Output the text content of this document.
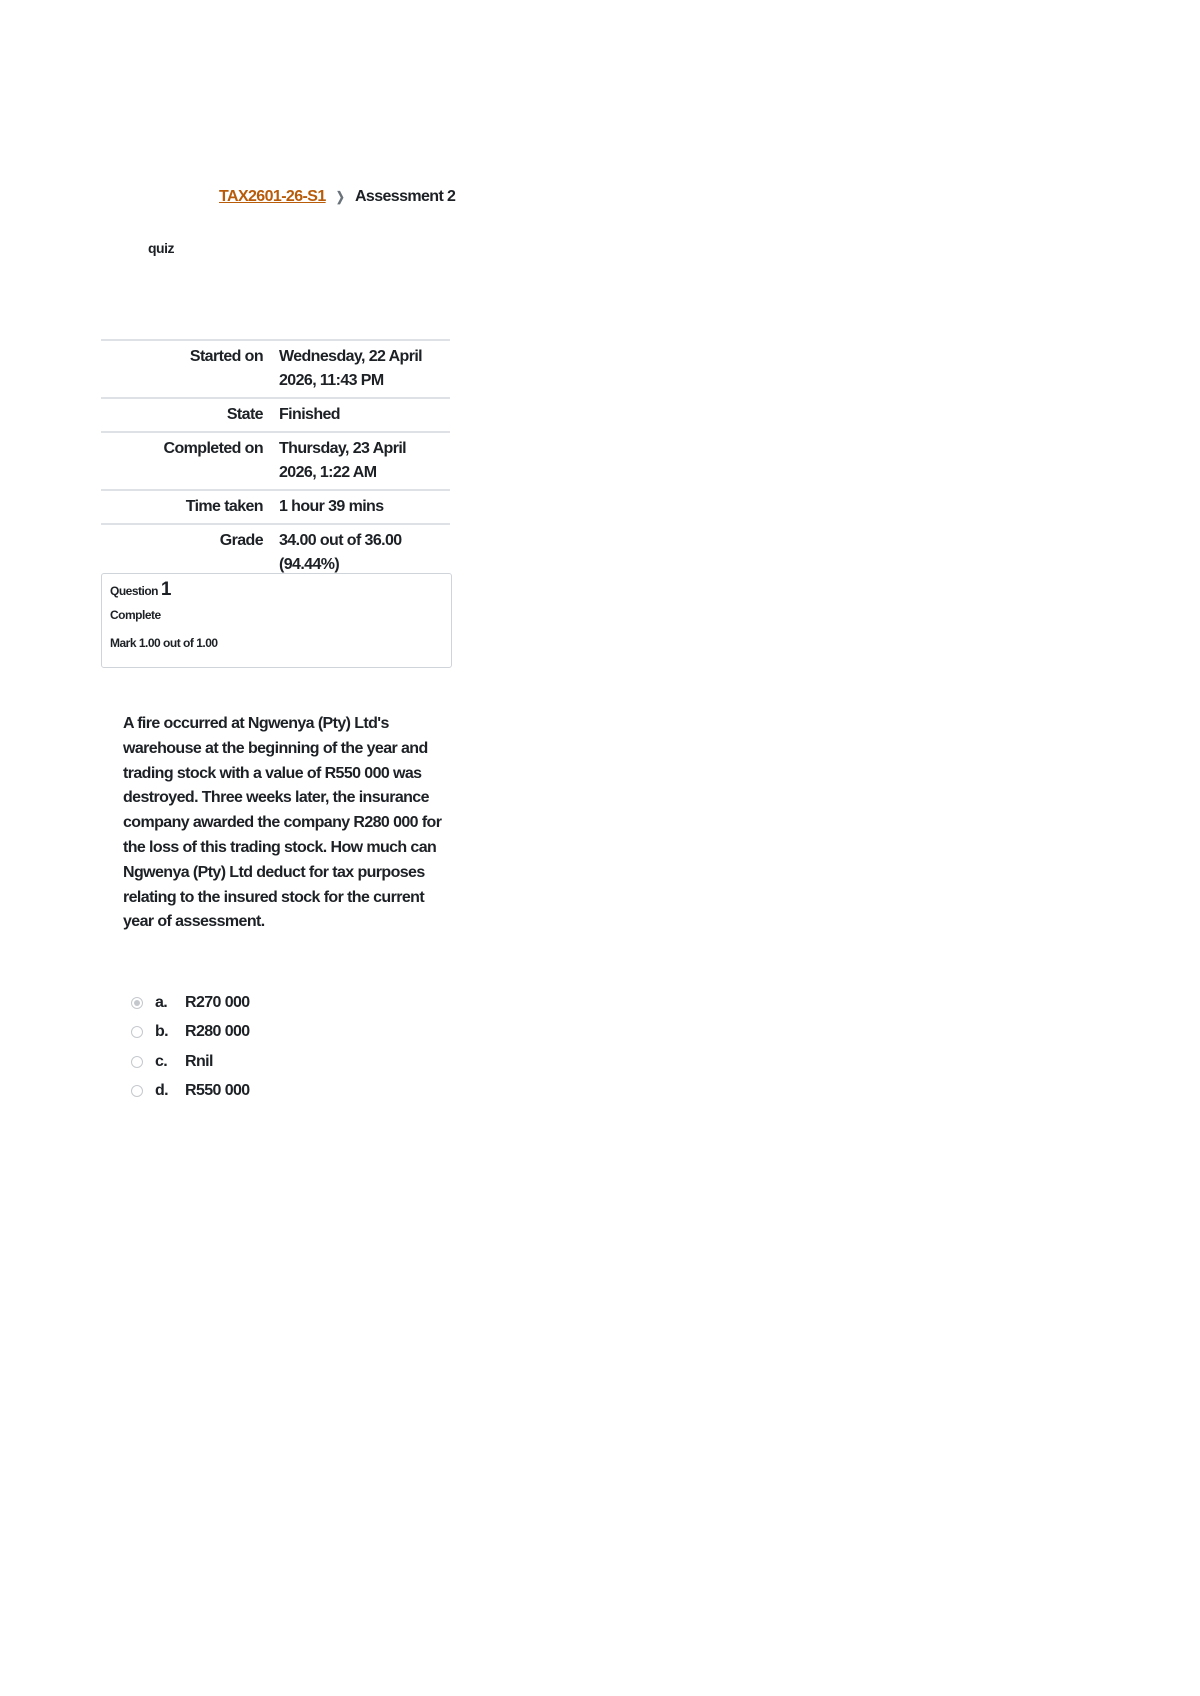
TAX2601-26-S1 ❯ Assessment 2
quiz
Started on	Wednesday, 22 April 2026, 11:43 PM
State	Finished
Completed on	Thursday, 23 April 2026, 1:22 AM
Time taken	1 hour 39 mins
Grade	34.00 out of 36.00 (94.44%)
Question 1
Complete
Mark 1.00 out of 1.00
A fire occurred at Ngwenya (Pty) Ltd's warehouse at the beginning of the year and trading stock with a value of R550 000 was destroyed. Three weeks later, the insurance company awarded the company R280 000 for the loss of this trading stock. How much can Ngwenya (Pty) Ltd deduct for tax purposes relating to the insured stock for the current year of assessment.
a.	R270 000
b.	R280 000
c.	Rnil
d.	R550 000
